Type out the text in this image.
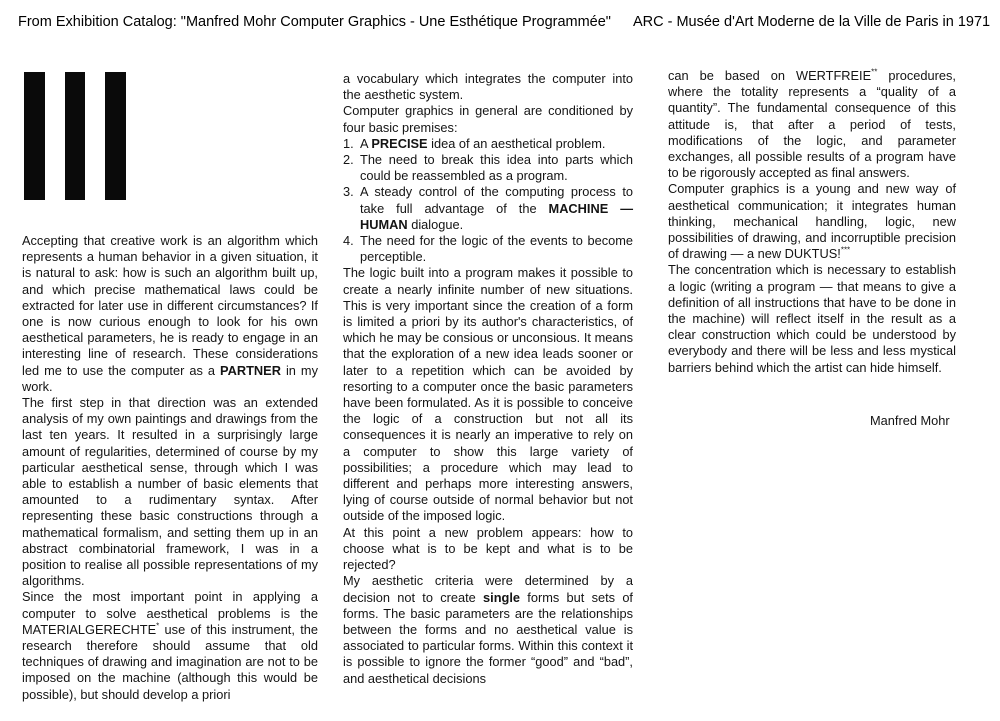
From Exhibition Catalog: "Manfred Mohr Computer Graphics - Une Esthétique Programmée" ARC - Musée d'Art Moderne de la Ville de Paris in 1971

Accepting that creative work is an algorithm which represents a human behavior in a given situation, it is natural to ask: how is such an algorithm built up, and which precise mathematical laws could be extracted for later use in different circumstances? If one is now curious enough to look for his own aesthetical parameters, he is ready to engage in an interesting line of research. These considerations led me to use the computer as a PARTNER in my work.

The first step in that direction was an extended analysis of my own paintings and drawings from the last ten years. It resulted in a surprisingly large amount of regularities, determined of course by my particular aesthetical sense, through which I was able to establish a number of basic elements that amounted to a rudimentary syntax. After representing these basic constructions through a mathematical formalism, and setting them up in an abstract combinatorial framework, I was in a position to realise all possible representations of my algorithms.

Since the most important point in applying a computer to solve aesthetical problems is the MATERIALGERECHTE* use of this instrument, the research therefore should assume that old techniques of drawing and imagination are not to be imposed on the machine (although this would be possible), but should develop a priori

a vocabulary which integrates the computer into the aesthetic system.

Computer graphics in general are conditioned by four basic premises:

1. A PRECISE idea of an aesthetical problem.
2. The need to break this idea into parts which could be reassembled as a program.
3. A steady control of the computing process to take full advantage of the MACHINE — HUMAN dialogue.
4. The need for the logic of the events to become perceptible.

The logic built into a program makes it possible to create a nearly infinite number of new situations. This is very important since the creation of a form is limited a priori by its author's characteristics, of which he may be consious or unconsious. It means that the exploration of a new idea leads sooner or later to a repetition which can be avoided by resorting to a computer once the basic parameters have been formulated. As it is possible to conceive the logic of a construction but not all its consequences it is nearly an imperative to rely on a computer to show this large variety of possibilities; a procedure which may lead to different and perhaps more interesting answers, lying of course outside of normal behavior but not outside of the imposed logic.

At this point a new problem appears: how to choose what is to be kept and what is to be rejected?

My aesthetic criteria were determined by a decision not to create single forms but sets of forms. The basic parameters are the relationships between the forms and no aesthetical value is associated to particular forms. Within this context it is possible to ignore the former “good” and “bad”, and aesthetical decisions

can be based on WERTFREIE** procedures, where the totality represents a “quality of a quantity”. The fundamental consequence of this attitude is, that after a period of tests, modifications of the logic, and parameter exchanges, all possible results of a program have to be rigorously accepted as final answers.

Computer graphics is a young and new way of aesthetical communication; it integrates human thinking, mechanical handling, logic, new possibilities of drawing, and incorruptible precision of drawing — a new DUKTUS!***

The concentration which is necessary to establish a logic (writing a program — that means to give a definition of all instructions that have to be done in the machine) will reflect itself in the result as a clear construction which could be understood by everybody and there will be less and less mystical barriers behind which the artist can hide himself.

Manfred Mohr
